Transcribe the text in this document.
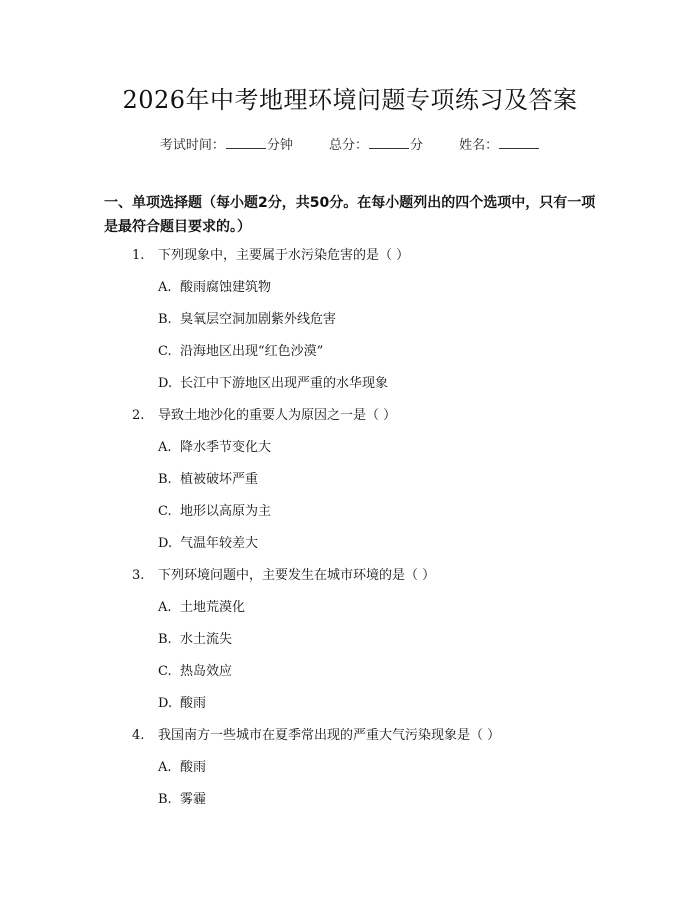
2026年中考地理环境问题专项练习及答案
考试时间：	分钟	总分：	分	姓名：
一、单项选择题（每小题2分，共50分。在每小题列出的四个选项中，只有一项是最符合题目要求的。）
1. 下列现象中，主要属于水污染危害的是（ ）
A. 酸雨腐蚀建筑物
B. 臭氧层空洞加剧紫外线危害
C. 沿海地区出现“红色沙漠”
D. 长江中下游地区出现严重的水华现象
2. 导致土地沙化的重要人为原因之一是（ ）
A. 降水季节变化大
B. 植被破坏严重
C. 地形以高原为主
D. 气温年较差大
3. 下列环境问题中，主要发生在城市环境的是（ ）
A. 土地荒漠化
B. 水土流失
C. 热岛效应
D. 酸雨
4. 我国南方一些城市在夏季常出现的严重大气污染现象是（ ）
A. 酸雨
B. 雾霾
